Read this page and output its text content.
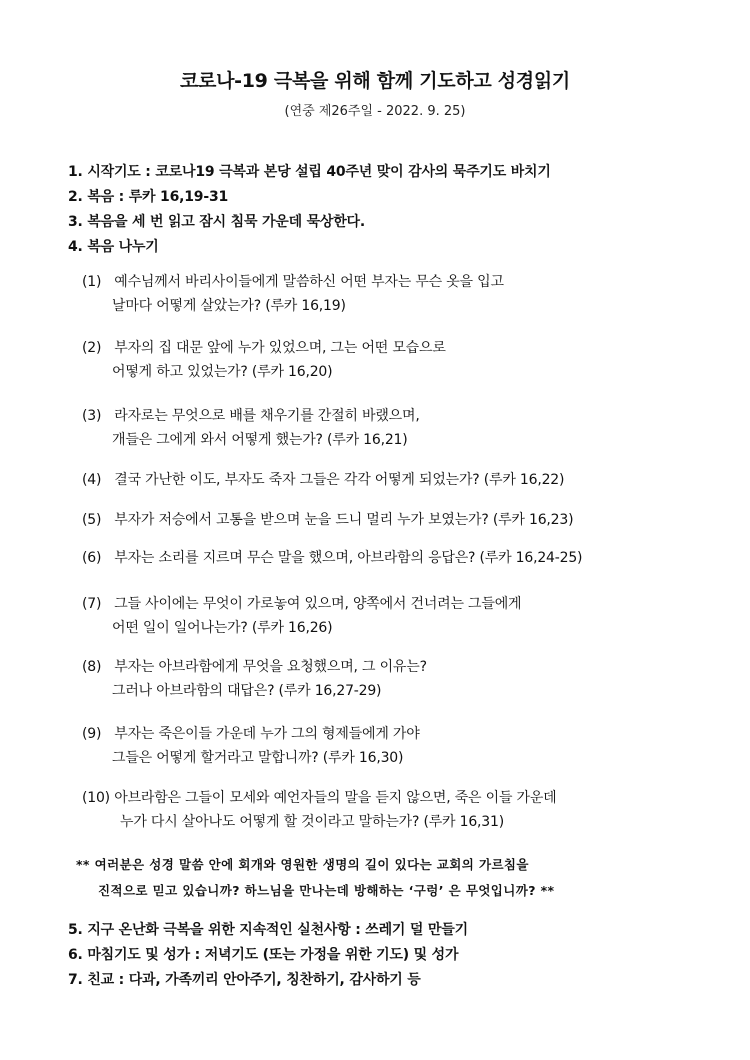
코로나-19 극복을 위해 함께 기도하고 성경읽기
(연중 제26주일 - 2022. 9. 25)
1. 시작기도 : 코로나19 극복과 본당 설립 40주년 맞이 감사의 묵주기도 바치기
2. 복음 : 루카 16,19-31
3. 복음을 세 번 읽고 잠시 침묵 가운데 묵상한다.
4. 복음 나누기
(1) 예수님께서 바리사이들에게 말씀하신 어떤 부자는 무슨 옷을 입고
날마다 어떻게 살았는가? (루카 16,19)
(2) 부자의 집 대문 앞에 누가 있었으며, 그는 어떤 모습으로
어떻게 하고 있었는가? (루카 16,20)
(3) 라자로는 무엇으로 배를 채우기를 간절히 바랬으며,
개들은 그에게 와서 어떻게 했는가? (루카 16,21)
(4) 결국 가난한 이도, 부자도 죽자 그들은 각각 어떻게 되었는가? (루카 16,22)
(5) 부자가 저승에서 고통을 받으며 눈을 드니 멀리 누가 보였는가? (루카 16,23)
(6) 부자는 소리를 지르며 무슨 말을 했으며, 아브라함의 응답은? (루카 16,24-25)
(7) 그들 사이에는 무엇이 가로놓여 있으며, 양쪽에서 건너려는 그들에게
어떤 일이 일어나는가? (루카 16,26)
(8) 부자는 아브라함에게 무엇을 요청했으며, 그 이유는?
그러나 아브라함의 대답은? (루카 16,27-29)
(9) 부자는 죽은이들 가운데 누가 그의 형제들에게 가야
그들은 어떻게 할거라고 말합니까? (루카 16,30)
(10) 아브라함은 그들이 모세와 예언자들의 말을 듣지 않으면, 죽은 이들 가운데
누가 다시 살아나도 어떻게 할 것이라고 말하는가? (루카 16,31)
** 여러분은 성경 말씀 안에 회개와 영원한 생명의 길이 있다는 교회의 가르침을
진적으로 믿고 있습니까? 하느님을 만나는데 방해하는 ‘구렁’ 은 무엇입니까? **
5. 지구 온난화 극복을 위한 지속적인 실천사항 : 쓰레기 덜 만들기
6. 마침기도 및 성가 : 저녁기도 (또는 가정을 위한 기도) 및 성가
7. 친교 : 다과, 가족끼리 안아주기, 칭찬하기, 감사하기 등
